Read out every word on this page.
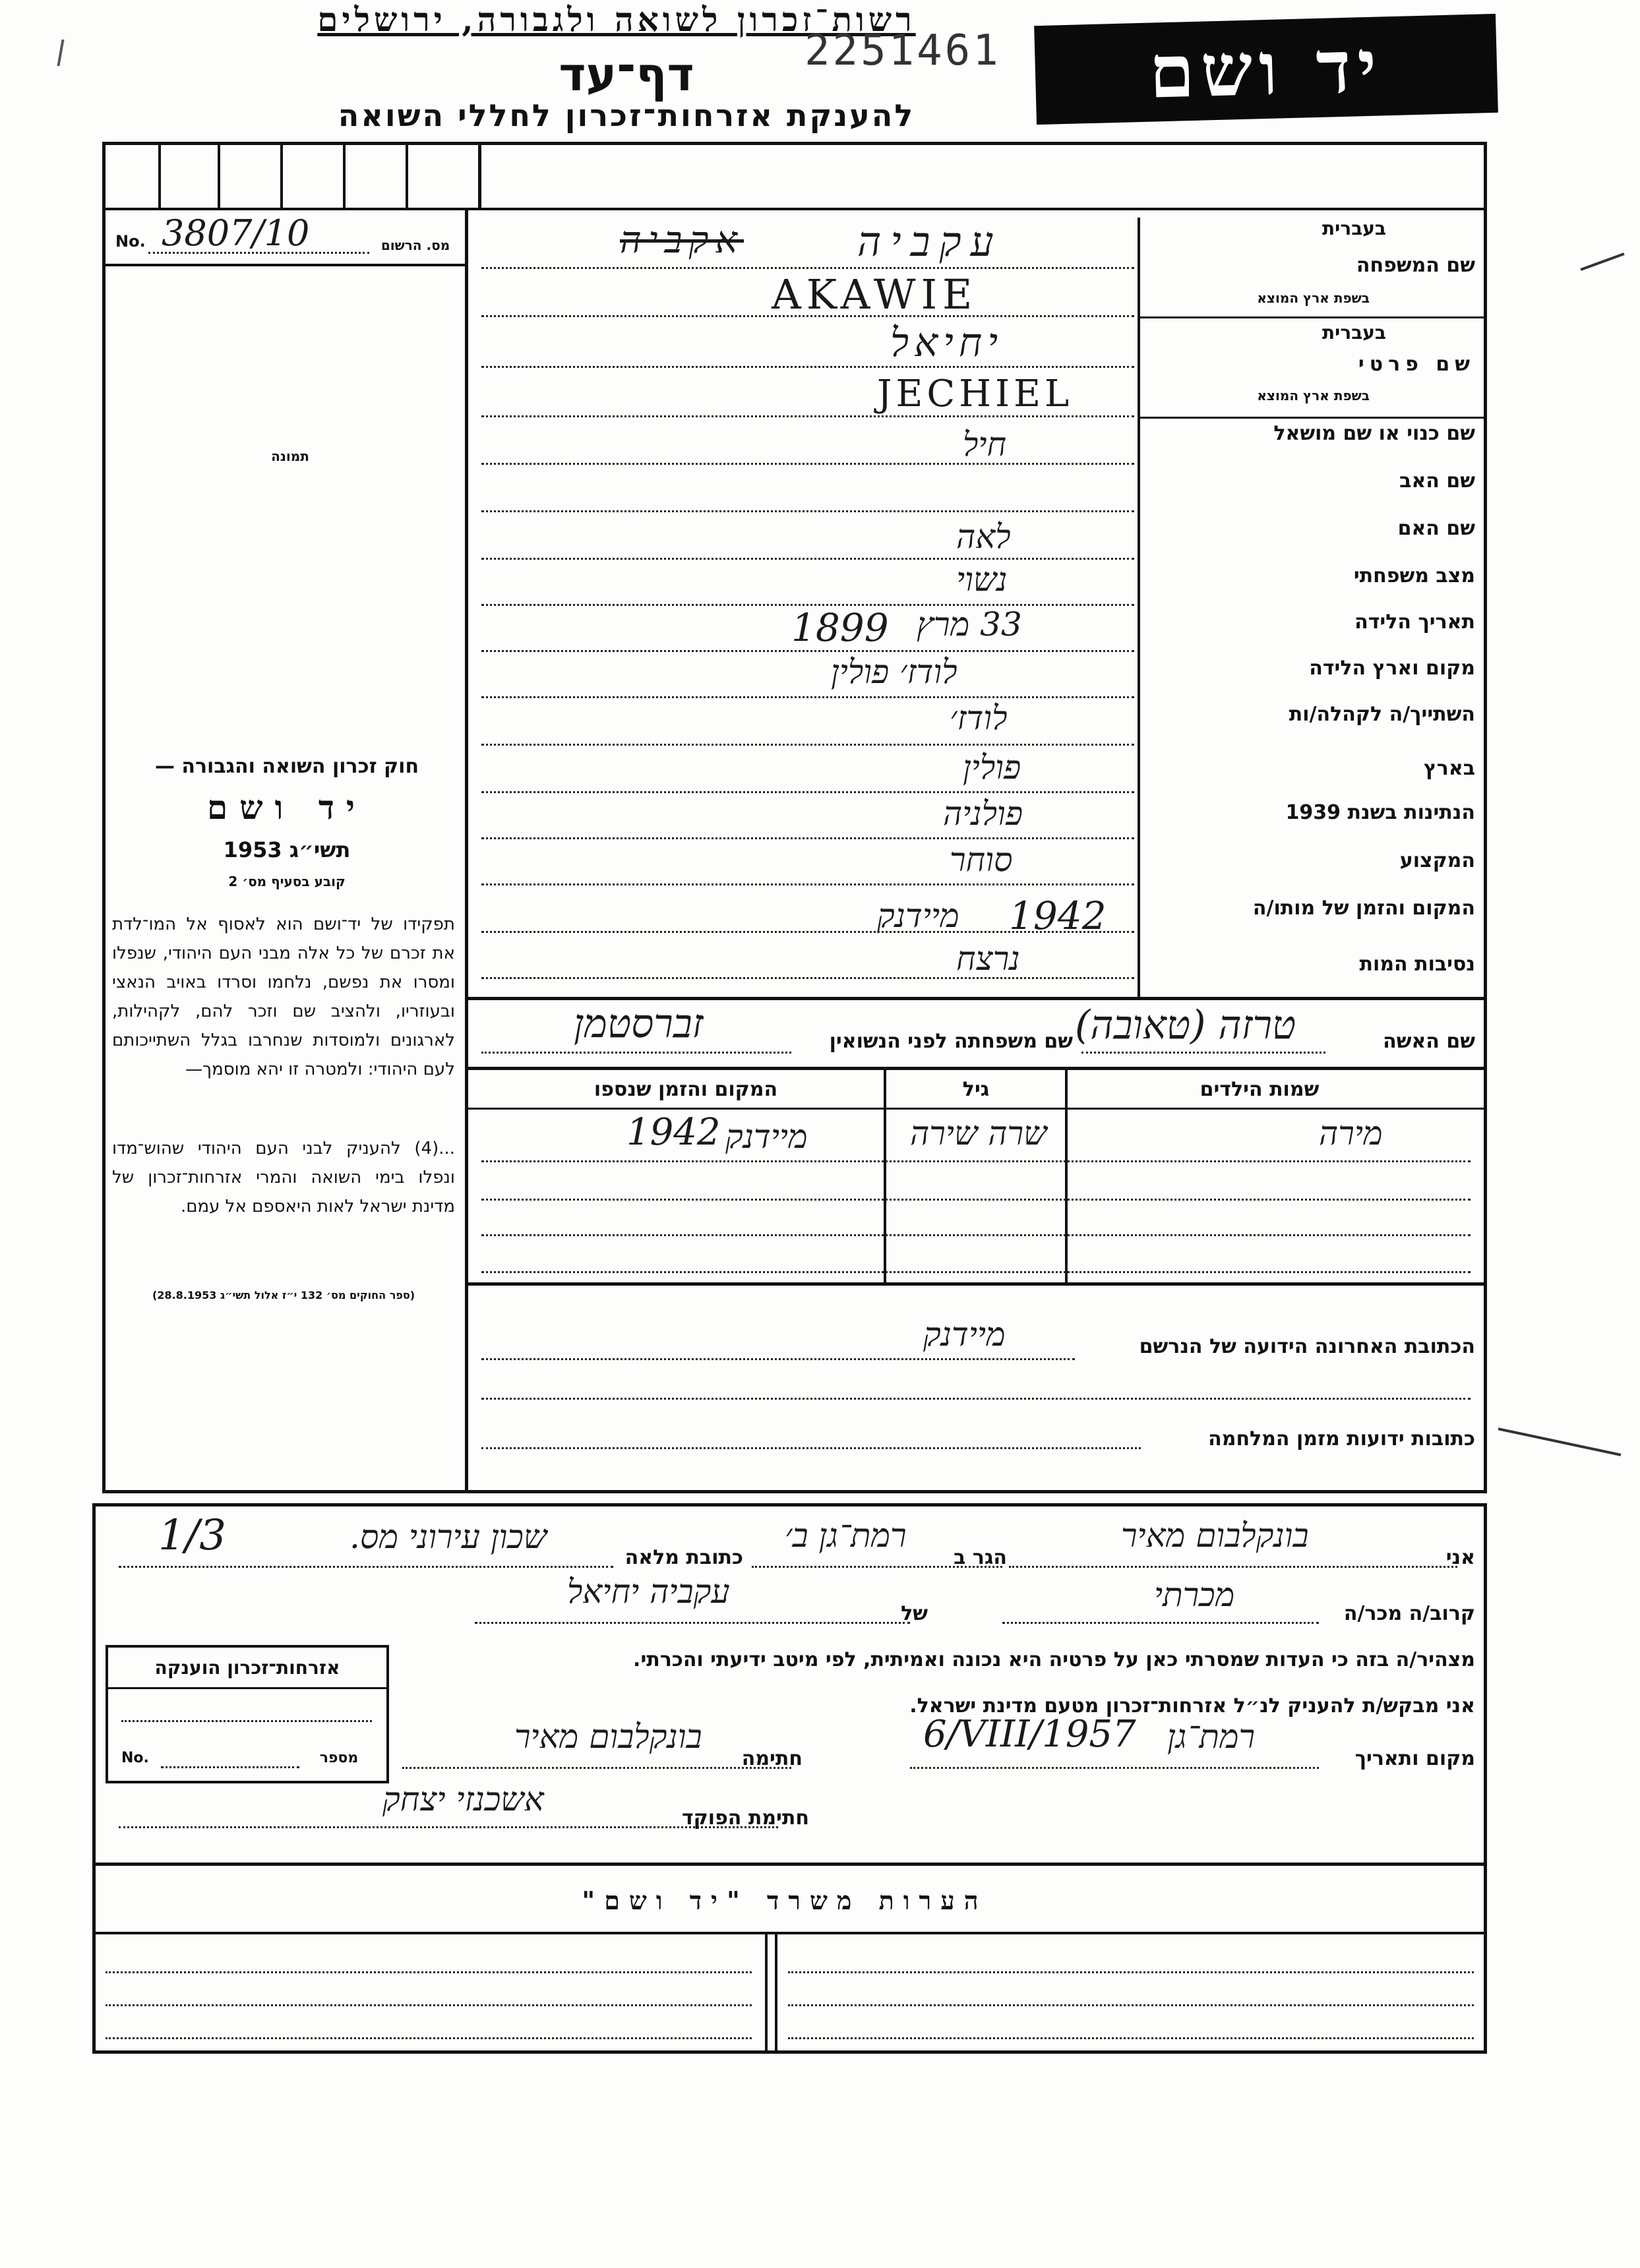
רשות־זכרון לשואה ולגבורה, ירושלים
2251461
דף־עד
להענקת אזרחות־זכרון לחללי השואה
יד ושם
No. 3807/10	מס. הרשום
תמונה
חוק זכרון השואה והגבורה —
יד ושם
תשי״ג 1953
קובע בסעיף מס׳ 2
תפקידו של יד־ושם הוא לאסוף אל המו־לדת את זכרם של כל אלה מבני העם היהודי, שנפלו ומסרו את נפשם, נלחמו וסרדו באויב הנאצי ובעוזריו, ולהציב שם וזכר להם, לקהילות, לארגונים ולמוסדות שנחרבו בגלל השתייכותם לעם היהודי: ולמטרה זו יהא מוסמך—
...(4) להעניק לבני העם היהודי שהוש־מדו ונפלו בימי השואה והמרי אזרחות־זכרון של מדינת ישראל לאות היאספם אל עמם.
(ספר החוקים מס׳ 132 י״ז אלול תשי״ג 28.8.1953)
שם המשפחה
בעברית
בשפת ארץ המוצא
עקביה
אקביה
AKAWIE
שם פרטי
בעברית
בשפת ארץ המוצא
יחיאל
JECHIEL
שם כנוי או שם מושאל
חיל
שם האב
שם האם
לאה
מצב משפחתי
נשוי
תאריך הלידה
33 מרץ
1899
מקום וארץ הלידה
לודז׳ פולין
השתייך/ה לקהלה/ות
לודז׳
בארץ
פולין
הנתינות בשנת 1939
פולניה
המקצוע
סוחר
המקום והזמן של מותו/ה
מיידנק 1942
נסיבות המות
נרצח
שם האשה
שם משפחתה לפני הנשואין טרזה (טאובה)
זברסטמן
שמות הילדים
גיל
המקום והזמן שנספו
מירה
שרה שירה
מיידנק
1942
הכתובת האחרונה הידועה של הנרשם
מיידנק
כתובות ידועות מזמן המלחמה
אני
בונקלבום מאיר
הגר ב
רמת־גן ב׳
כתובת מלאה
שכון עירוני מס.
1/3
קרוב/ה מכר/ה
מכרתי
של
עקביה יחיאל
מצהיר/ה בזה כי העדות שמסרתי כאן על פרטיה היא נכונה ואמיתית, לפי מיטב ידיעתי והכרתי.
אני מבקש/ת להעניק לנ״ל אזרחות־זכרון מטעם מדינת ישראל.
מקום ותאריך
רמת־גן
6/VIII/1957
חתימה
בונקלבום מאיר
חתימת הפוקד
אשכנזי יצחק
אזרחות־זכרון הוענקה
No.	מספר
הערות משרד "יד ושם"
